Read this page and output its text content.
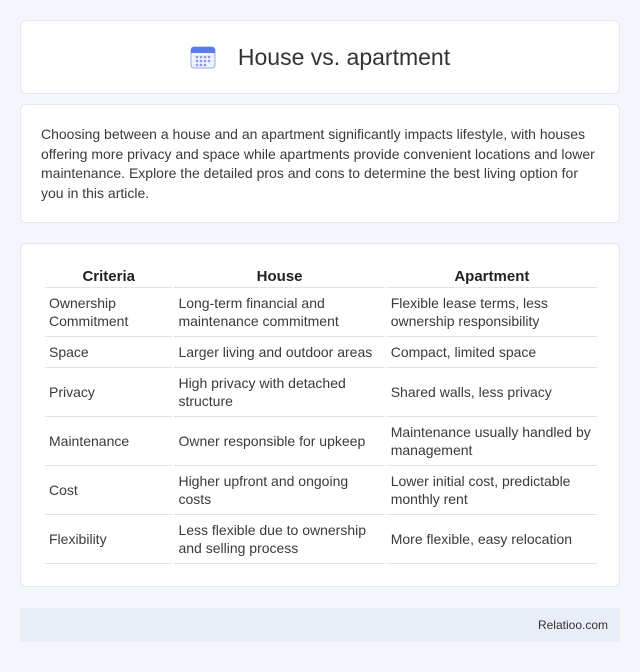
House vs. apartment

Choosing between a house and an apartment significantly impacts lifestyle, with houses offering more privacy and space while apartments provide convenient locations and lower maintenance. Explore the detailed pros and cons to determine the best living option for you in this article.

Criteria	House	Apartment
Ownership Commitment	Long-term financial and maintenance commitment	Flexible lease terms, less ownership responsibility
Space	Larger living and outdoor areas	Compact, limited space
Privacy	High privacy with detached structure	Shared walls, less privacy
Maintenance	Owner responsible for upkeep	Maintenance usually handled by management
Cost	Higher upfront and ongoing costs	Lower initial cost, predictable monthly rent
Flexibility	Less flexible due to ownership and selling process	More flexible, easy relocation
Relatioo.com
